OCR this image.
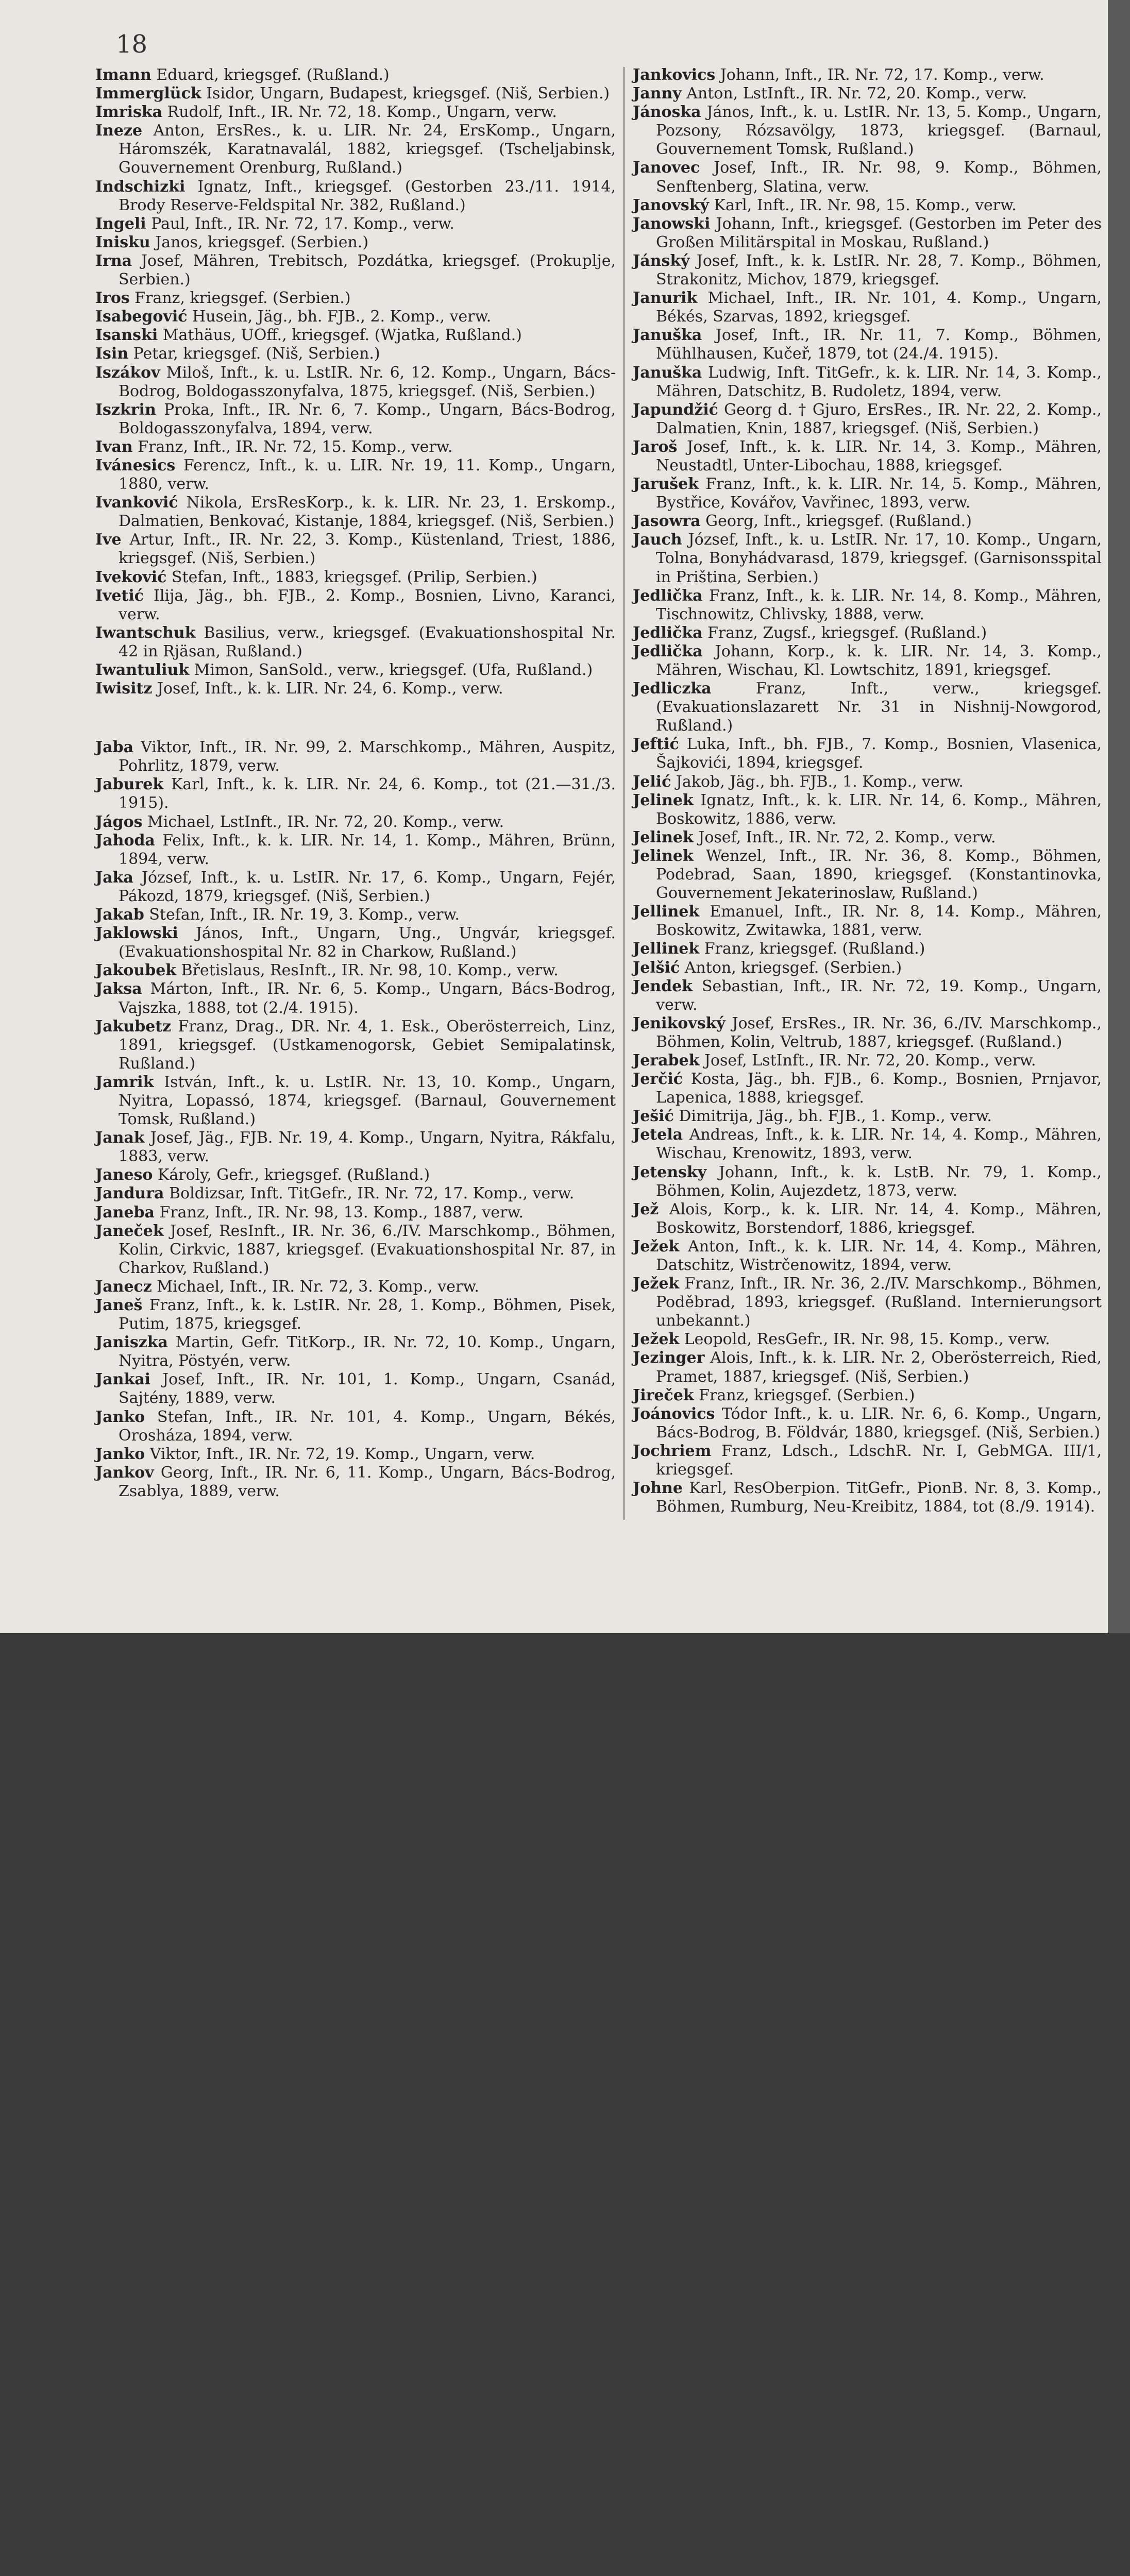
18
Imann Eduard, kriegsgef. (Rußland.)
Immerglück Isidor, Ungarn, Budapest, kriegsgef. (Niš, Serbien.)
Imriska Rudolf, Inft., IR. Nr. 72, 18. Komp., Ungarn, verw.
Ineze Anton, ErsRes., k. u. LIR. Nr. 24, ErsKomp., Ungarn, Háromszék, Karatnavalál, 1882, kriegsgef. (Tscheljabinsk, Gouvernement Orenburg, Rußland.)
Indschizki Ignatz, Inft., kriegsgef. (Gestorben 23./11. 1914, Brody Reserve-Feldspital Nr. 382, Rußland.)
Ingeli Paul, Inft., IR. Nr. 72, 17. Komp., verw.
Inisku Janos, kriegsgef. (Serbien.)
Irna Josef, Mähren, Trebitsch, Pozdátka, kriegsgef. (Prokuplje, Serbien.)
Iros Franz, kriegsgef. (Serbien.)
Isabegović Husein, Jäg., bh. FJB., 2. Komp., verw.
Isanski Mathäus, UOff., kriegsgef. (Wjatka, Rußland.)
Isin Petar, kriegsgef. (Niš, Serbien.)
Iszákov Miloš, Inft., k. u. LstIR. Nr. 6, 12. Komp., Ungarn, Bács-Bodrog, Boldogasszonyfalva, 1875, kriegsgef. (Niš, Serbien.)
Iszkrin Proka, Inft., IR. Nr. 6, 7. Komp., Ungarn, Bács-Bodrog, Boldogasszonyfalva, 1894, verw.
Ivan Franz, Inft., IR. Nr. 72, 15. Komp., verw.
Ivánesics Ferencz, Inft., k. u. LIR. Nr. 19, 11. Komp., Ungarn, 1880, verw.
Ivanković Nikola, ErsResKorp., k. k. LIR. Nr. 23, 1. Erskomp., Dalmatien, Benkovać, Kistanje, 1884, kriegsgef. (Niš, Serbien.)
Ive Artur, Inft., IR. Nr. 22, 3. Komp., Küstenland, Triest, 1886, kriegsgef. (Niš, Serbien.)
Iveković Stefan, Inft., 1883, kriegsgef. (Prilip, Serbien.)
Ivetić Ilija, Jäg., bh. FJB., 2. Komp., Bosnien, Livno, Karanci, verw.
Iwantschuk Basilius, verw., kriegsgef. (Evakuationshospital Nr. 42 in Rjäsan, Rußland.)
Iwantuliuk Mimon, SanSold., verw., kriegsgef. (Ufa, Rußland.)
Iwisitz Josef, Inft., k. k. LIR. Nr. 24, 6. Komp., verw.
Jaba Viktor, Inft., IR. Nr. 99, 2. Marschkomp., Mähren, Auspitz, Pohrlitz, 1879, verw.
Jaburek Karl, Inft., k. k. LIR. Nr. 24, 6. Komp., tot (21.—31./3. 1915).
Jágos Michael, LstInft., IR. Nr. 72, 20. Komp., verw.
Jahoda Felix, Inft., k. k. LIR. Nr. 14, 1. Komp., Mähren, Brünn, 1894, verw.
Jaka József, Inft., k. u. LstIR. Nr. 17, 6. Komp., Ungarn, Fejér, Pákozd, 1879, kriegsgef. (Niš, Serbien.)
Jakab Stefan, Inft., IR. Nr. 19, 3. Komp., verw.
Jaklowski János, Inft., Ungarn, Ung., Ungvár, kriegsgef. (Evakuationshospital Nr. 82 in Charkow, Rußland.)
Jakoubek Břetislaus, ResInft., IR. Nr. 98, 10. Komp., verw.
Jaksa Márton, Inft., IR. Nr. 6, 5. Komp., Ungarn, Bács-Bodrog, Vajszka, 1888, tot (2./4. 1915).
Jakubetz Franz, Drag., DR. Nr. 4, 1. Esk., Oberösterreich, Linz, 1891, kriegsgef. (Ustkamenogorsk, Gebiet Semipalatinsk, Rußland.)
Jamrik István, Inft., k. u. LstIR. Nr. 13, 10. Komp., Ungarn, Nyitra, Lopassó, 1874, kriegsgef. (Barnaul, Gouvernement Tomsk, Rußland.)
Janak Josef, Jäg., FJB. Nr. 19, 4. Komp., Ungarn, Nyitra, Rákfalu, 1883, verw.
Janeso Károly, Gefr., kriegsgef. (Rußland.)
Jandura Boldizsar, Inft. TitGefr., IR. Nr. 72, 17. Komp., verw.
Janeba Franz, Inft., IR. Nr. 98, 13. Komp., 1887, verw.
Janeček Josef, ResInft., IR. Nr. 36, 6./IV. Marschkomp., Böhmen, Kolin, Cirkvic, 1887, kriegsgef. (Evakuationshospital Nr. 87, in Charkov, Rußland.)
Janecz Michael, Inft., IR. Nr. 72, 3. Komp., verw.
Janeš Franz, Inft., k. k. LstIR. Nr. 28, 1. Komp., Böhmen, Pisek, Putim, 1875, kriegsgef.
Janiszka Martin, Gefr. TitKorp., IR. Nr. 72, 10. Komp., Ungarn, Nyitra, Pöstyén, verw.
Jankai Josef, Inft., IR. Nr. 101, 1. Komp., Ungarn, Csanád, Sajtény, 1889, verw.
Janko Stefan, Inft., IR. Nr. 101, 4. Komp., Ungarn, Békés, Orosháza, 1894, verw.
Janko Viktor, Inft., IR. Nr. 72, 19. Komp., Ungarn, verw.
Jankov Georg, Inft., IR. Nr. 6, 11. Komp., Ungarn, Bács-Bodrog, Zsablya, 1889, verw.
Jankovics Johann, Inft., IR. Nr. 72, 17. Komp., verw.
Janny Anton, LstInft., IR. Nr. 72, 20. Komp., verw.
Jánoska János, Inft., k. u. LstIR. Nr. 13, 5. Komp., Ungarn, Pozsony, Rózsavölgy, 1873, kriegsgef. (Barnaul, Gouvernement Tomsk, Rußland.)
Janovec Josef, Inft., IR. Nr. 98, 9. Komp., Böhmen, Senftenberg, Slatina, verw.
Janovský Karl, Inft., IR. Nr. 98, 15. Komp., verw.
Janowski Johann, Inft., kriegsgef. (Gestorben im Peter des Großen Militärspital in Moskau, Rußland.)
Jánský Josef, Inft., k. k. LstIR. Nr. 28, 7. Komp., Böhmen, Strakonitz, Michov, 1879, kriegsgef.
Janurik Michael, Inft., IR. Nr. 101, 4. Komp., Ungarn, Békés, Szarvas, 1892, kriegsgef.
Januška Josef, Inft., IR. Nr. 11, 7. Komp., Böhmen, Mühlhausen, Kučeř, 1879, tot (24./4. 1915).
Januška Ludwig, Inft. TitGefr., k. k. LIR. Nr. 14, 3. Komp., Mähren, Datschitz, B. Rudoletz, 1894, verw.
Japundžić Georg d. † Gjuro, ErsRes., IR. Nr. 22, 2. Komp., Dalmatien, Knin, 1887, kriegsgef. (Niš, Serbien.)
Jaroš Josef, Inft., k. k. LIR. Nr. 14, 3. Komp., Mähren, Neustadtl, Unter-Libochau, 1888, kriegsgef.
Jarušek Franz, Inft., k. k. LIR. Nr. 14, 5. Komp., Mähren, Bystřice, Kovářov, Vavřinec, 1893, verw.
Jasowra Georg, Inft., kriegsgef. (Rußland.)
Jauch József, Inft., k. u. LstIR. Nr. 17, 10. Komp., Ungarn, Tolna, Bonyhádvarasd, 1879, kriegsgef. (Garnisonsspital in Priština, Serbien.)
Jedlička Franz, Inft., k. k. LIR. Nr. 14, 8. Komp., Mähren, Tischnowitz, Chlivsky, 1888, verw.
Jedlička Franz, Zugsf., kriegsgef. (Rußland.)
Jedlička Johann, Korp., k. k. LIR. Nr. 14, 3. Komp., Mähren, Wischau, Kl. Lowtschitz, 1891, kriegsgef.
Jedliczka Franz, Inft., verw., kriegsgef. (Evakuationslazarett Nr. 31 in Nishnij-Nowgorod, Rußland.)
Jeftić Luka, Inft., bh. FJB., 7. Komp., Bosnien, Vlasenica, Šajkovići, 1894, kriegsgef.
Jelić Jakob, Jäg., bh. FJB., 1. Komp., verw.
Jelinek Ignatz, Inft., k. k. LIR. Nr. 14, 6. Komp., Mähren, Boskowitz, 1886, verw.
Jelinek Josef, Inft., IR. Nr. 72, 2. Komp., verw.
Jelinek Wenzel, Inft., IR. Nr. 36, 8. Komp., Böhmen, Podebrad, Saan, 1890, kriegsgef. (Konstantinovka, Gouvernement Jekaterinoslaw, Rußland.)
Jellinek Emanuel, Inft., IR. Nr. 8, 14. Komp., Mähren, Boskowitz, Zwitawka, 1881, verw.
Jellinek Franz, kriegsgef. (Rußland.)
Jelšić Anton, kriegsgef. (Serbien.)
Jendek Sebastian, Inft., IR. Nr. 72, 19. Komp., Ungarn, verw.
Jenikovský Josef, ErsRes., IR. Nr. 36, 6./IV. Marschkomp., Böhmen, Kolin, Veltrub, 1887, kriegsgef. (Rußland.)
Jerabek Josef, LstInft., IR. Nr. 72, 20. Komp., verw.
Jerčić Kosta, Jäg., bh. FJB., 6. Komp., Bosnien, Prnjavor, Lapenica, 1888, kriegsgef.
Ješić Dimitrija, Jäg., bh. FJB., 1. Komp., verw.
Jetela Andreas, Inft., k. k. LIR. Nr. 14, 4. Komp., Mähren, Wischau, Krenowitz, 1893, verw.
Jetensky Johann, Inft., k. k. LstB. Nr. 79, 1. Komp., Böhmen, Kolin, Aujezdetz, 1873, verw.
Jež Alois, Korp., k. k. LIR. Nr. 14, 4. Komp., Mähren, Boskowitz, Borstendorf, 1886, kriegsgef.
Ježek Anton, Inft., k. k. LIR. Nr. 14, 4. Komp., Mähren, Datschitz, Wistrčenowitz, 1894, verw.
Ježek Franz, Inft., IR. Nr. 36, 2./IV. Marschkomp., Böhmen, Poděbrad, 1893, kriegsgef. (Rußland. Internierungsort unbekannt.)
Ježek Leopold, ResGefr., IR. Nr. 98, 15. Komp., verw.
Jezinger Alois, Inft., k. k. LIR. Nr. 2, Oberösterreich, Ried, Pramet, 1887, kriegsgef. (Niš, Serbien.)
Jireček Franz, kriegsgef. (Serbien.)
Joánovics Tódor Inft., k. u. LIR. Nr. 6, 6. Komp., Ungarn, Bács-Bodrog, B. Földvár, 1880, kriegsgef. (Niš, Serbien.)
Jochriem Franz, Ldsch., LdschR. Nr. I, GebMGA. III/1, kriegsgef.
Johne Karl, ResOberpion. TitGefr., PionB. Nr. 8, 3. Komp., Böhmen, Rumburg, Neu-Kreibitz, 1884, tot (8./9. 1914).
